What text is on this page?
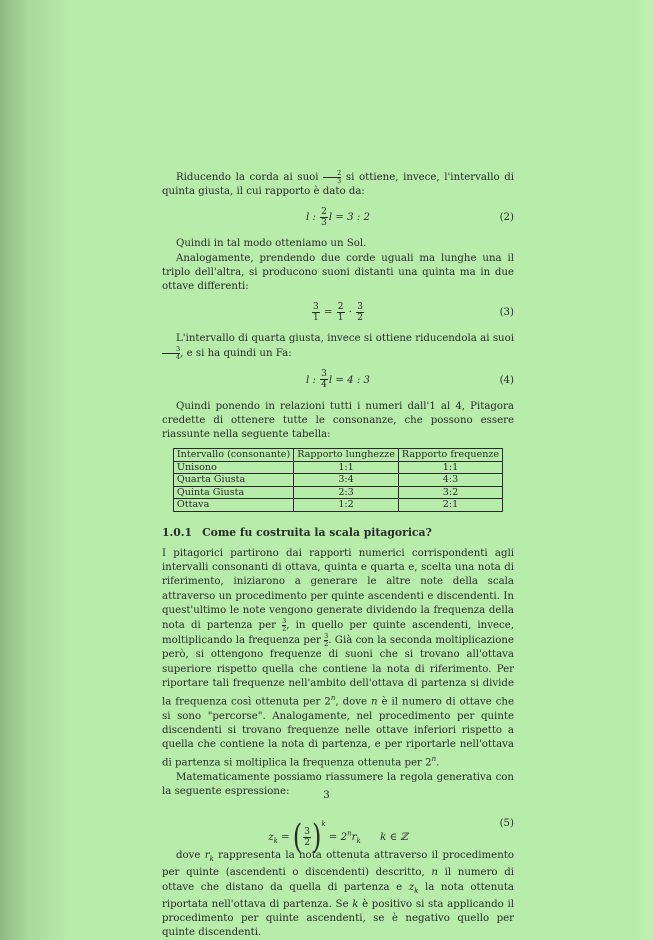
Riducendo la corda ai suoi $\frac{2}{3}$ si ottiene, invece, l'intervallo di quinta giusta, il cui rapporto è dato da:

l : $\frac{2}{3}$ l = 3 : 2	(2)

Quindi in tal modo otteniamo un Sol.

Analogamente, prendendo due corde uguali ma lunghe una il triplo dell'altra, si producono suoni distanti una quinta ma in due ottave differenti:

$\frac{3}{1} = \frac{2}{1} \cdot \frac{3}{2}$	(3)

L'intervallo di quarta giusta, invece si ottiene riducendola ai suoi
$\frac{3}{4}$ , e si ha quindi un Fa:

l : $\frac{3}{4}$ l = 4 : 3	(4)

Quindi ponendo in relazioni tutti i numeri dall'1 al 4, Pitagora credette di ottenere tutte le consonanze, che possono essere riassunte nella seguente tabella:

Intervallo (consonante)	Rapporto lunghezze	Rapporto frequenze
Unisono	1:1	1:1
Quarta Giusta	3:4	4:3
Quinta Giusta	2:3	3:2
Ottava	1:2	2:1
1.0.1 Come fu costruita la scala pitagorica?

I pitagorici partirono dai rapporti numerici corrispondenti agli intervalli consonanti di ottava, quinta e quarta e, scelta una nota di riferimento, iniziarono a generare le altre note della scala attraverso un procedimento per quinte ascendenti e discendenti. In quest'ultimo le note vengono generate dividendo la frequenza della nota di partenza per $\frac{3}{2}$ , in quello per quinte ascendenti, invece, moltiplicando la frequenza per $\frac{3}{2}$ . Già con la seconda moltiplicazione però, si ottengono frequenze di suoni che si trovano all'ottava superiore rispetto quella che contiene la nota di riferimento. Per riportare tali frequenze nell'ambito dell'ottava di partenza si divide la frequenza così ottenuta per 2$^n$, dove n è il numero di ottave che si sono "percorse". Analogamente, nel procedimento per quinte discendenti si trovano frequenze nelle ottave inferiori rispetto a quella che contiene la nota di partenza, e per riportarle nell'ottava di partenza si moltiplica la frequenza ottenuta per 2$^n$.

Matematicamente possiamo riassumere la regola generativa con la seguente espressione:

$z_k$ = ( $\frac{3}{2} )^k = 2^nr_k$ k ∈ ℤ
(5)

dove $r_k$ rappresenta la nota ottenuta attraverso il procedimento per quinte (ascendenti o discendenti) descritto, n il numero di ottave che distano da quella di partenza e $z_k$ la nota ottenuta riportata nell'ottava di partenza. Se k è positivo si sta applicando il procedimento per quinte ascendenti, se è negativo quello per quinte discendenti.

3
